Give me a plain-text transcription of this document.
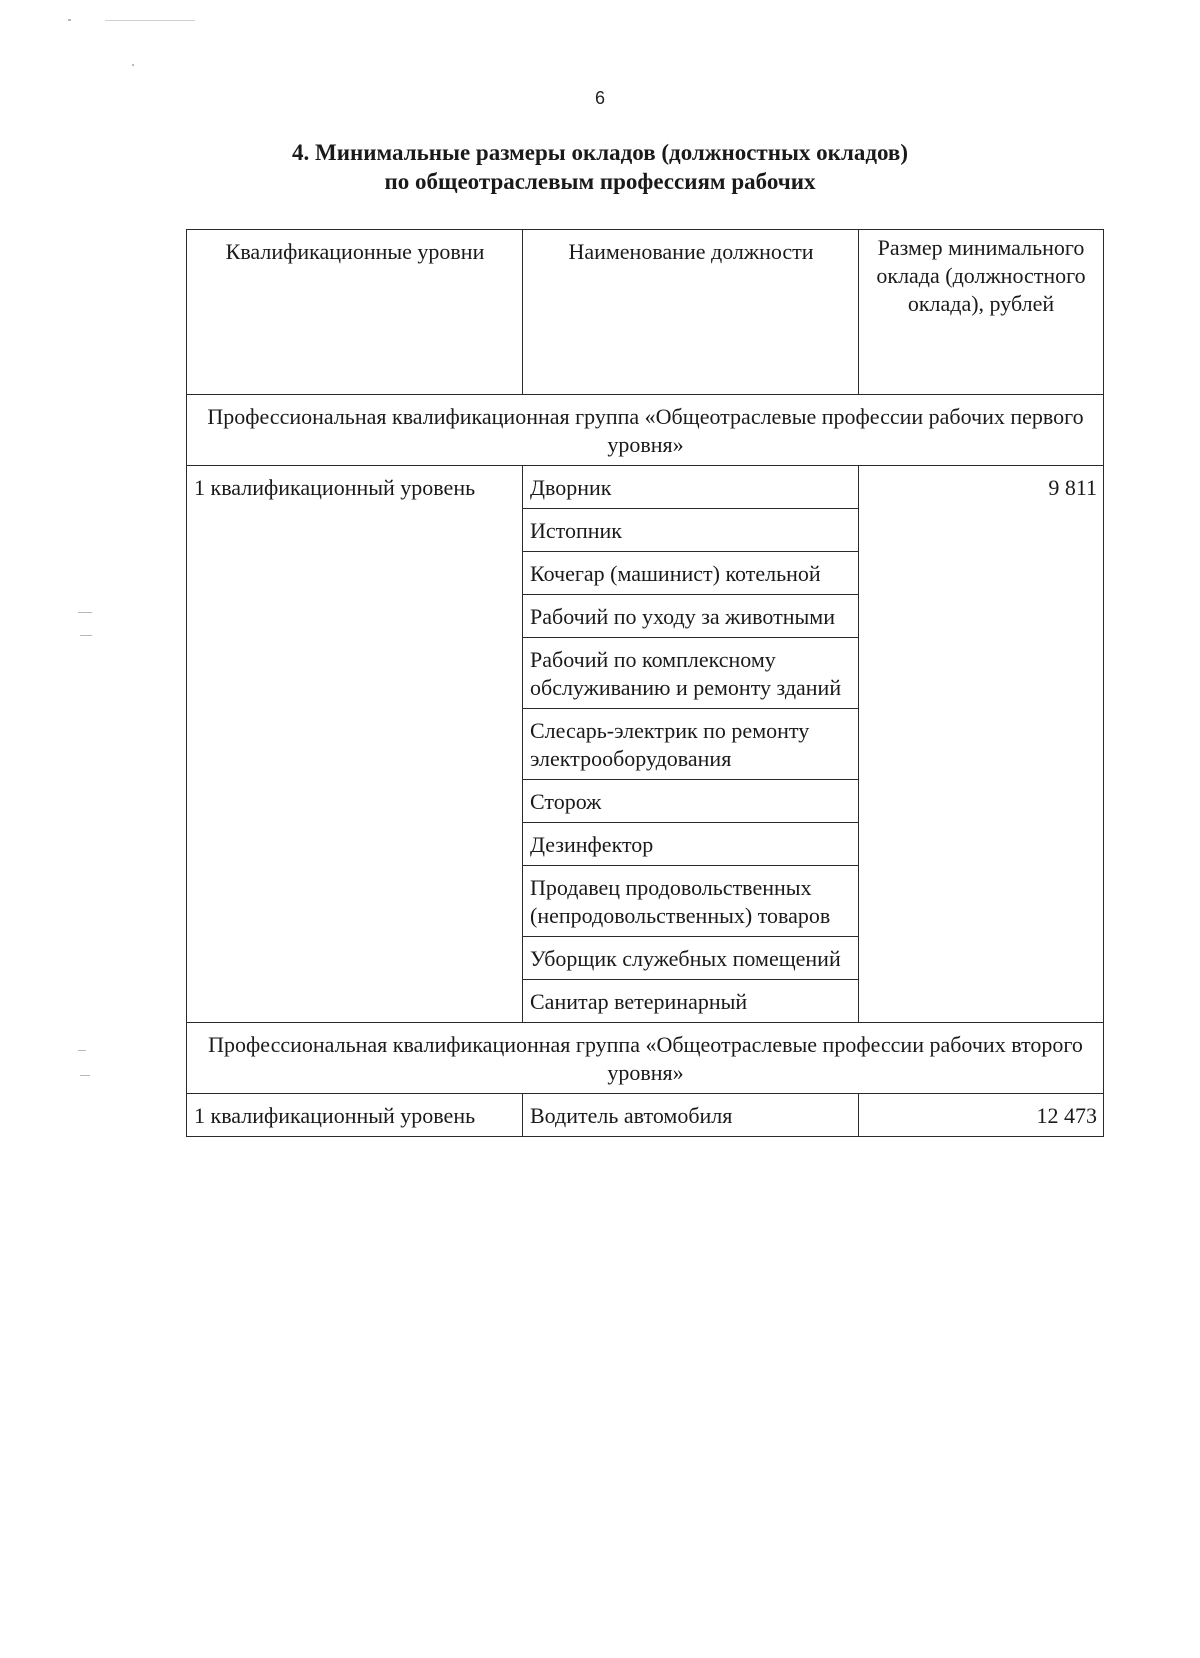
6
4. Минимальные размеры окладов (должностных окладов)
по общеотраслевым профессиям рабочих
Квалификационные уровни	Наименование должности	Размер минимального оклада (должностного оклада), рублей
Профессиональная квалификационная группа «Общеотраслевые профессии рабочих первого уровня»		
1 квалификационный уровень	Дворник	9 811
	Истопник	
	Кочегар (машинист) котельной	
	Рабочий по уходу за животными	
	Рабочий по комплексному обслуживанию и ремонту зданий	
	Слесарь-электрик по ремонту электрооборудования	
	Сторож	
	Дезинфектор	
	Продавец продовольственных (непродовольственных) товаров	
	Уборщик служебных помещений	
	Санитар ветеринарный	
Профессиональная квалификационная группа «Общеотраслевые профессии рабочих второго уровня»		
1 квалификационный уровень	Водитель автомобиля	12 473
